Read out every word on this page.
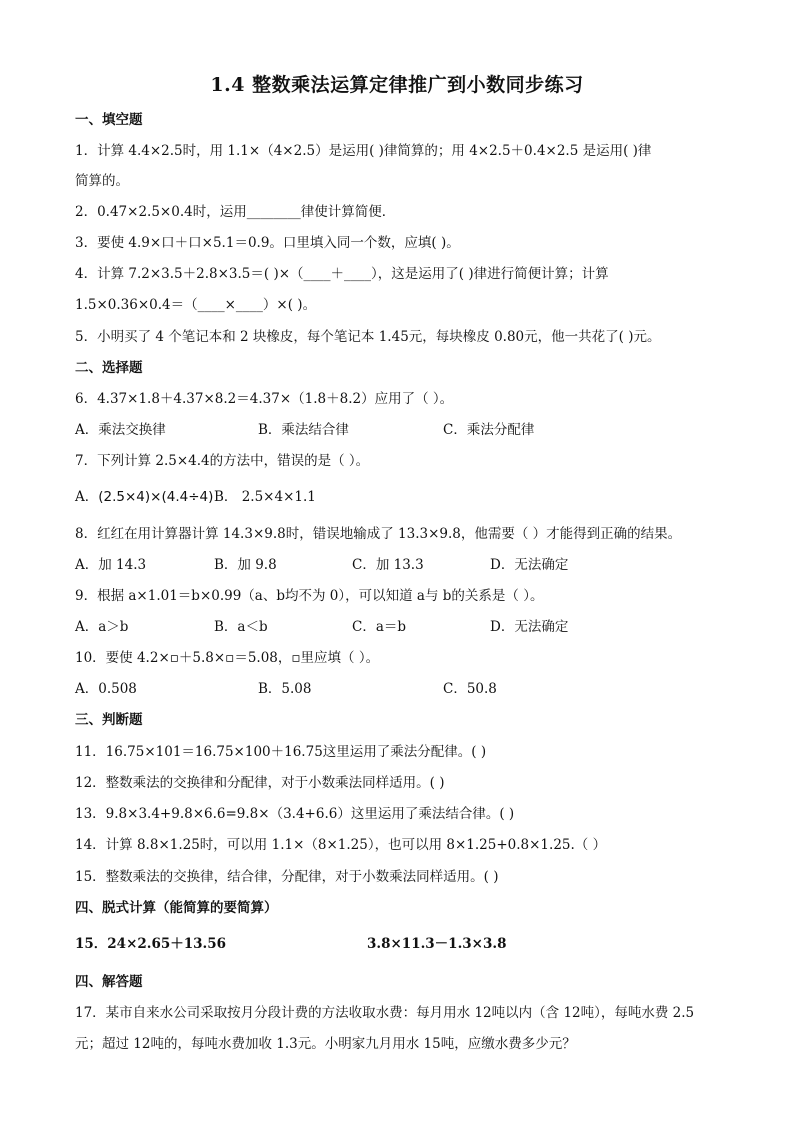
1.4 整数乘法运算定律推广到小数同步练习
一、填空题
1．计算 4.4×2.5时，用 1.1×（4×2.5）是运用( )律简算的；用 4×2.5＋0.4×2.5 是运用( )律
简算的。
2．0.47×2.5×0.4时，运用________律使计算简便．
3．要使 4.9×口＋口×5.1＝0.9。口里填入同一个数，应填( )。
4．计算 7.2×3.5＋2.8×3.5＝( )×（____＋____），这是运用了( )律进行简便计算；计算
1.5×0.36×0.4＝（____×____）×( )。
5．小明买了 4 个笔记本和 2 块橡皮，每个笔记本 1.45元，每块橡皮 0.80元，他一共花了( )元。
二、选择题
6．4.37×1.8＋4.37×8.2＝4.37×（1.8＋8.2）应用了（ ）。
A．乘法交换律	B．乘法结合律	C．乘法分配律
7．下列计算 2.5×4.4的方法中，错误的是（ ）。
A．(2.5×4)×(4.4÷4) B． 2.5×4×1.1
8．红红在用计算器计算 14.3×9.8时，错误地输成了 13.3×9.8，他需要（ ）才能得到正确的结果。
A．加 14.3	B．加 9.8	C．加 13.3	D．无法确定
9．根据 a×1.01＝b×0.99（a、b均不为 0），可以知道 a与 b的关系是（ ）。
A．a＞b	B．a＜b	C．a＝b	D．无法确定
10．要使 4.2×▫＋5.8×▫＝5.08，▫里应填（ ）。
A．0.508	B．5.08	C．50.8
三、判断题
11．16.75×101＝16.75×100＋16.75这里运用了乘法分配律。( )
12．整数乘法的交换律和分配律，对于小数乘法同样适用。( )
13．9.8×3.4+9.8×6.6=9.8×（3.4+6.6）这里运用了乘法结合律。( )
14．计算 8.8×1.25时，可以用 1.1×（8×1.25），也可以用 8×1.25+0.8×1.25.（ ）
15．整数乘法的交换律，结合律，分配律，对于小数乘法同样适用。( )
四、脱式计算（能简算的要简算）
15．24×2.65＋13.56	3.8×11.3－1.3×3.8
四、解答题
17．某市自来水公司采取按月分段计费的方法收取水费：每月用水 12吨以内（含 12吨），每吨水费 2.5
元；超过 12吨的，每吨水费加收 1.3元。小明家九月用水 15吨，应缴水费多少元？
